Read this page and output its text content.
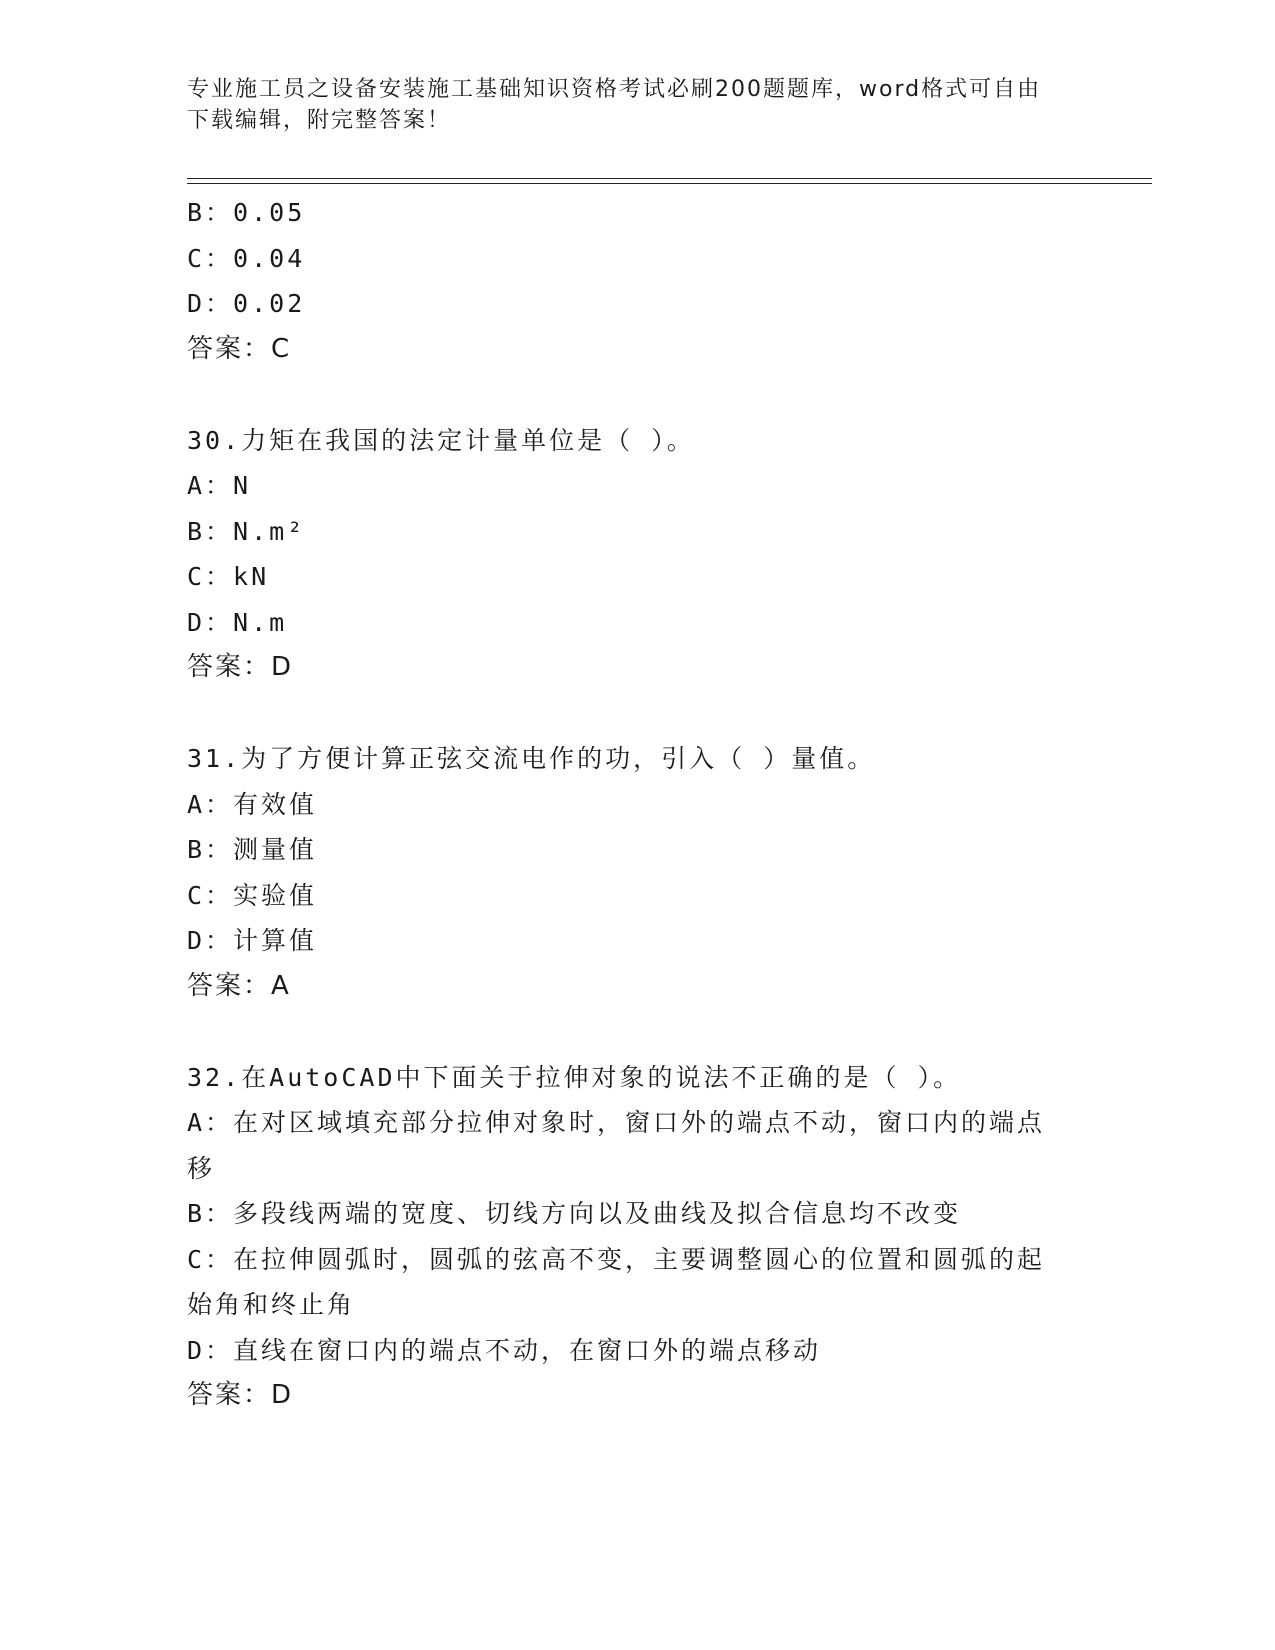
专业施工员之设备安装施工基础知识资格考试必刷200题题库，word格式可自由
下载编辑，附完整答案！
B：0.05
C：0.04
D：0.02
答案：C
30.力矩在我国的法定计量单位是（ ）。
A：N
B：N.m²
C：kN
D：N.m
答案：D
31.为了方便计算正弦交流电作的功，引入（ ）量值。
A：有效值
B：测量值
C：实验值
D：计算值
答案：A
32.在AutoCAD中下面关于拉伸对象的说法不正确的是（ ）。
A：在对区域填充部分拉伸对象时，窗口外的端点不动，窗口内的端点
移
B：多段线两端的宽度、切线方向以及曲线及拟合信息均不改变
C：在拉伸圆弧时，圆弧的弦高不变，主要调整圆心的位置和圆弧的起
始角和终止角
D：直线在窗口内的端点不动，在窗口外的端点移动
答案：D
